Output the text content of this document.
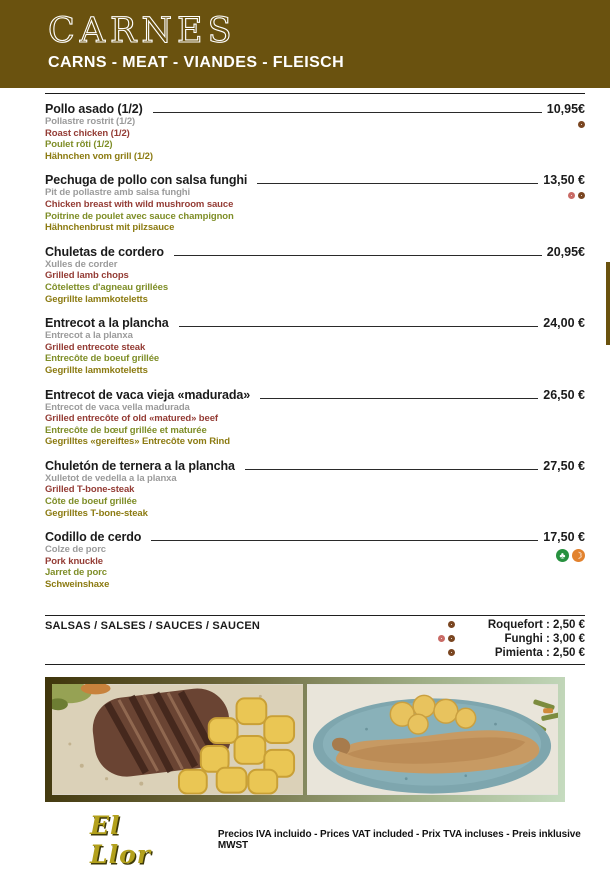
CARNES
CARNS - MEAT - VIANDES - FLEISCH
Pollo asado (1/2)	10,95€
Pollastre rostrit (1/2)
Roast chicken (1/2)
Poulet rôti (1/2)
Hähnchen vom grill (1/2)
Pechuga de pollo con salsa funghi	13,50 €
Pit de pollastre amb salsa funghi
Chicken breast with wild mushroom sauce
Poitrine de poulet avec sauce champignon
Hähnchenbrust mit pilzsauce
Chuletas de cordero	20,95€
Xulles de corder
Grilled lamb chops
Côtelettes d'agneau grillées
Gegrillte lammkoteletts
Entrecot a la plancha	24,00 €
Entrecot a la planxa
Grilled entrecote steak
Entrecôte de boeuf grillée
Gegrillte lammkoteletts
Entrecot de vaca vieja «madurada»	26,50 €
Entrecot de vaca vella madurada
Grilled entrecôte of old «matured» beef
Entrecôte de bœuf grillée et maturée
Gegrilltes «gereiftes» Entrecôte vom Rind
Chuletón de ternera a la plancha	27,50 €
Xulletot de vedella a la planxa
Grilled T-bone-steak
Côte de boeuf grillée
Gegrilltes T-bone-steak
Codillo de cerdo	17,50 €
Colze de porc
Pork knuckle
Jarret de porc
Schweinshaxe
♣
☽
SALSAS / SALSES / SAUCES / SAUCEN	Roquefort : 2,50 €
Funghi : 3,00 €
Pimienta : 2,50 €
El Llor
Precios IVA incluido - Prices VAT included - Prix TVA incluses - Preis inklusive MWST
